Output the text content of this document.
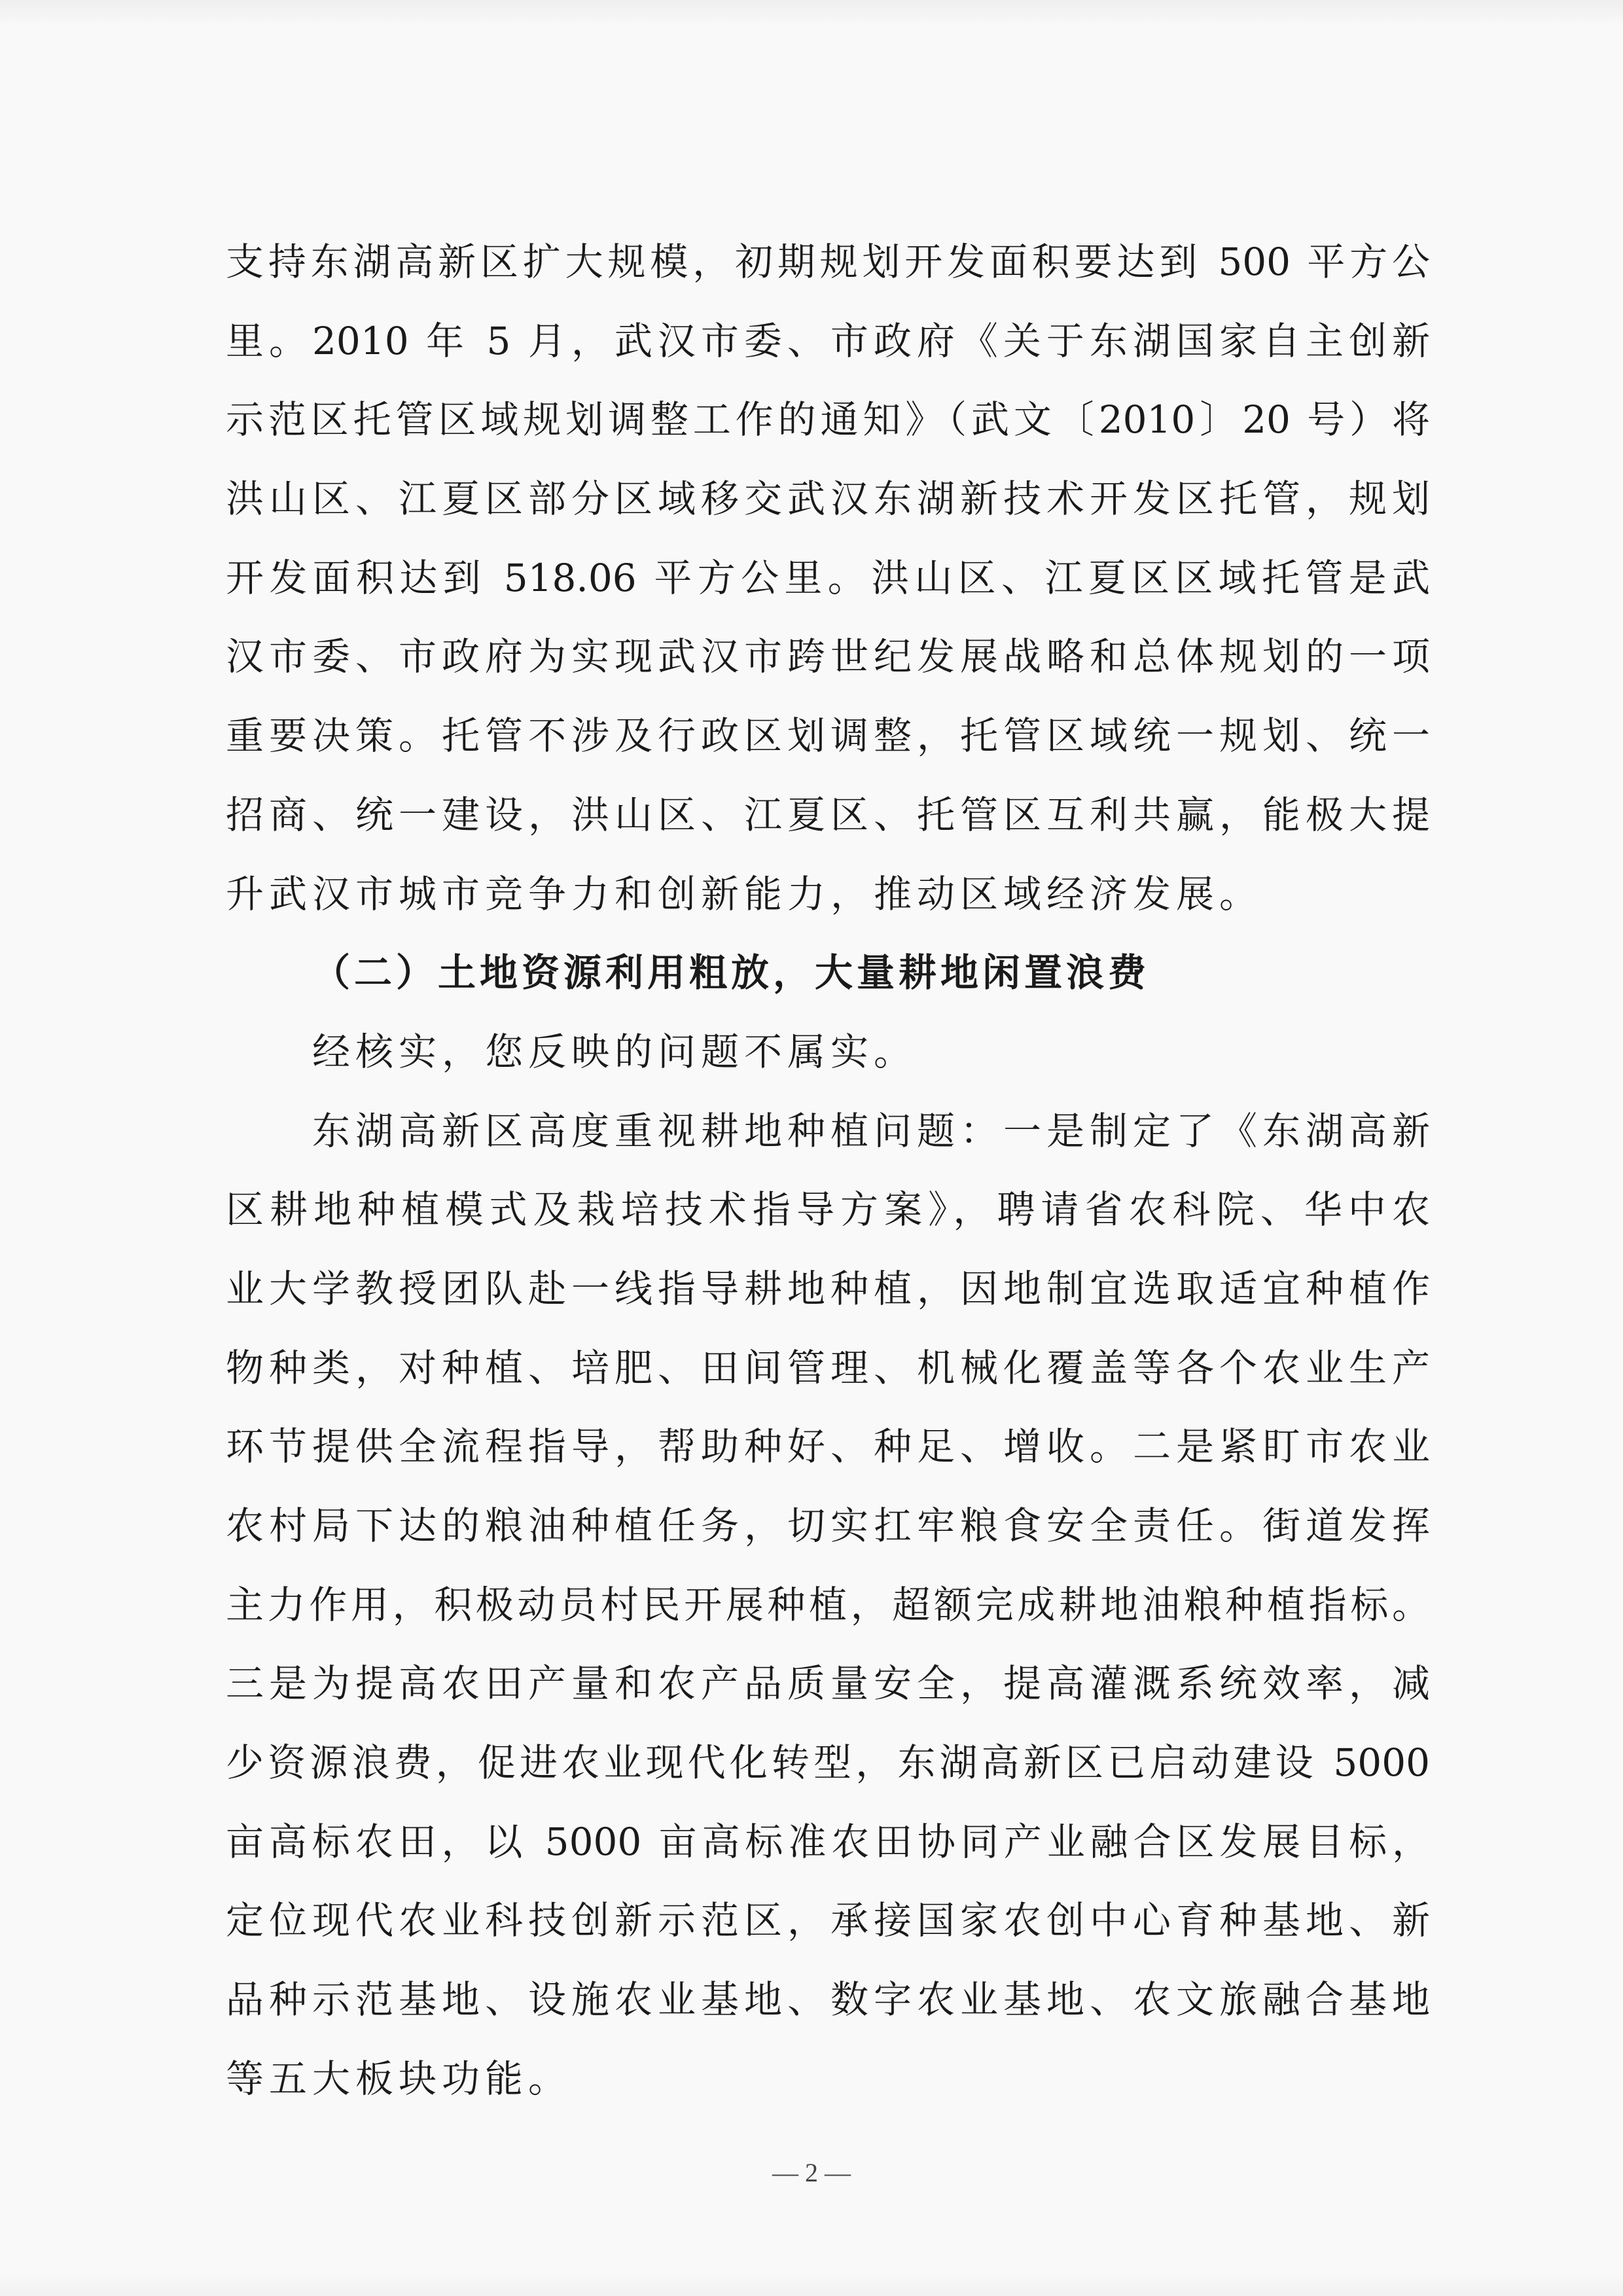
支持东湖高新区扩大规模，初期规划开发面积要达到 500 平方公
里。2010 年 5 月，武汉市委、市政府《关于东湖国家自主创新
示范区托管区域规划调整工作的通知》（武文〔2010〕20 号）将
洪山区、江夏区部分区域移交武汉东湖新技术开发区托管，规划
开发面积达到 518.06 平方公里。洪山区、江夏区区域托管是武
汉市委、市政府为实现武汉市跨世纪发展战略和总体规划的一项
重要决策。托管不涉及行政区划调整，托管区域统一规划、统一
招商、统一建设，洪山区、江夏区、托管区互利共赢，能极大提
升武汉市城市竞争力和创新能力，推动区域经济发展。
（二）土地资源利用粗放，大量耕地闲置浪费
经核实，您反映的问题不属实。
东湖高新区高度重视耕地种植问题：一是制定了《东湖高新
区耕地种植模式及栽培技术指导方案》，聘请省农科院、华中农
业大学教授团队赴一线指导耕地种植，因地制宜选取适宜种植作
物种类，对种植、培肥、田间管理、机械化覆盖等各个农业生产
环节提供全流程指导，帮助种好、种足、增收。二是紧盯市农业
农村局下达的粮油种植任务，切实扛牢粮食安全责任。街道发挥
主力作用，积极动员村民开展种植，超额完成耕地油粮种植指标。
三是为提高农田产量和农产品质量安全，提高灌溉系统效率，减
少资源浪费，促进农业现代化转型，东湖高新区已启动建设 5000
亩高标农田，以 5000 亩高标准农田协同产业融合区发展目标，
定位现代农业科技创新示范区，承接国家农创中心育种基地、新
品种示范基地、设施农业基地、数字农业基地、农文旅融合基地
等五大板块功能。
— 2 —
